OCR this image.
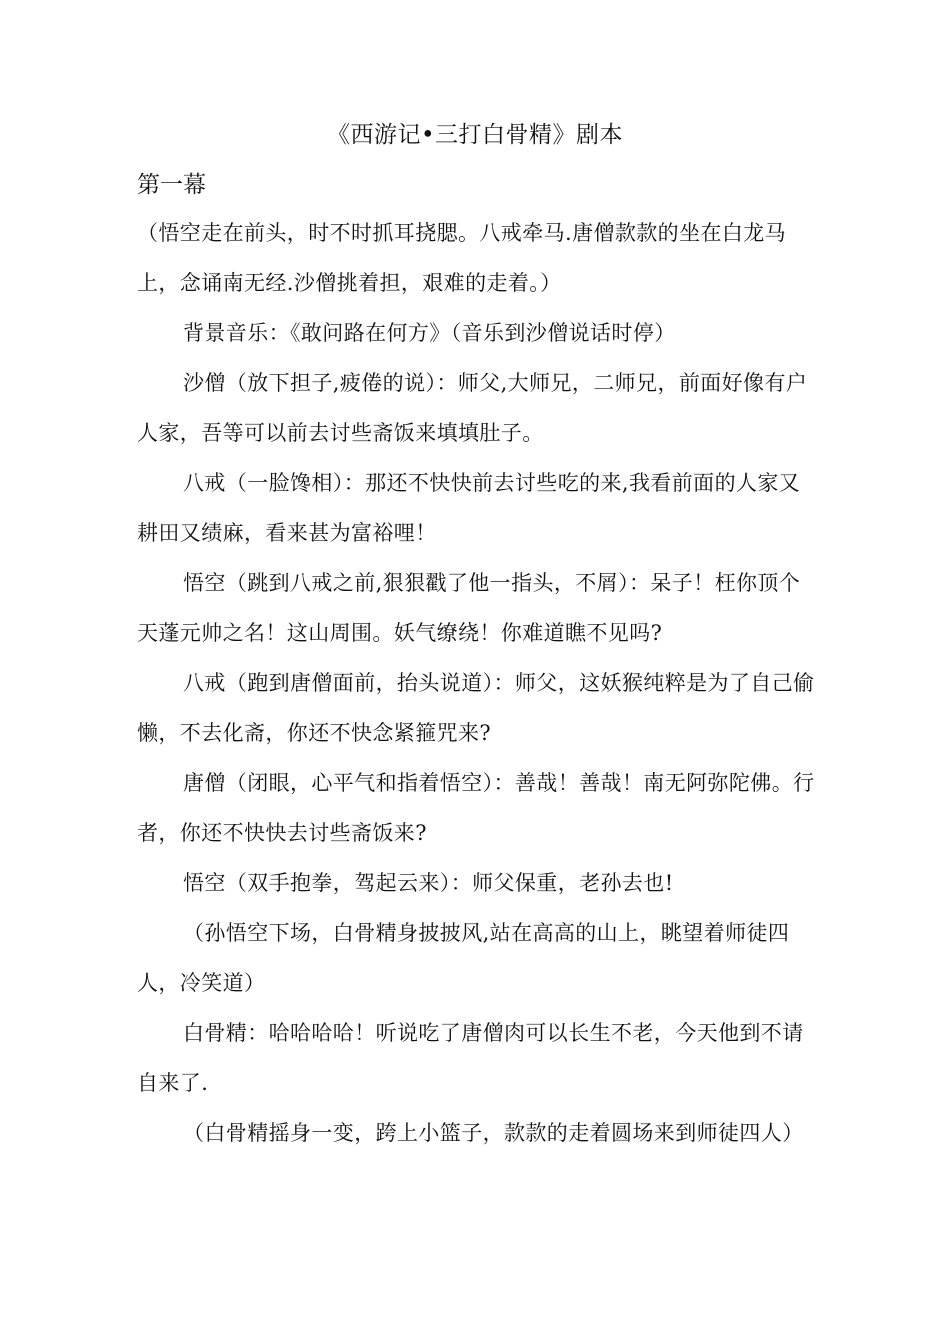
《西游记•三打白骨精》剧本
第一幕

（悟空走在前头，时不时抓耳挠腮。八戒牵马.唐僧款款的坐在白龙马上，念诵南无经.沙僧挑着担，艰难的走着。）

背景音乐：《敢问路在何方》（音乐到沙僧说话时停）

沙僧（放下担子,疲倦的说）：师父,大师兄，二师兄，前面好像有户人家，吾等可以前去讨些斋饭来填填肚子。

八戒（一脸馋相）：那还不快快前去讨些吃的来,我看前面的人家又耕田又绩麻，看来甚为富裕哩！

悟空（跳到八戒之前,狠狠戳了他一指头，不屑）：呆子！枉你顶个天蓬元帅之名！这山周围。妖气缭绕！你难道瞧不见吗?

八戒（跑到唐僧面前，抬头说道）：师父，这妖猴纯粹是为了自己偷懒，不去化斋，你还不快念紧箍咒来?

唐僧（闭眼，心平气和指着悟空）：善哉！善哉！南无阿弥陀佛。行者，你还不快快去讨些斋饭来?

悟空（双手抱拳，驾起云来）：师父保重，老孙去也!

（孙悟空下场，白骨精身披披风,站在高高的山上，眺望着师徒四人，冷笑道）

白骨精：哈哈哈哈！听说吃了唐僧肉可以长生不老，今天他到不请自来了.

（白骨精摇身一变，跨上小篮子，款款的走着圆场来到师徒四人）
